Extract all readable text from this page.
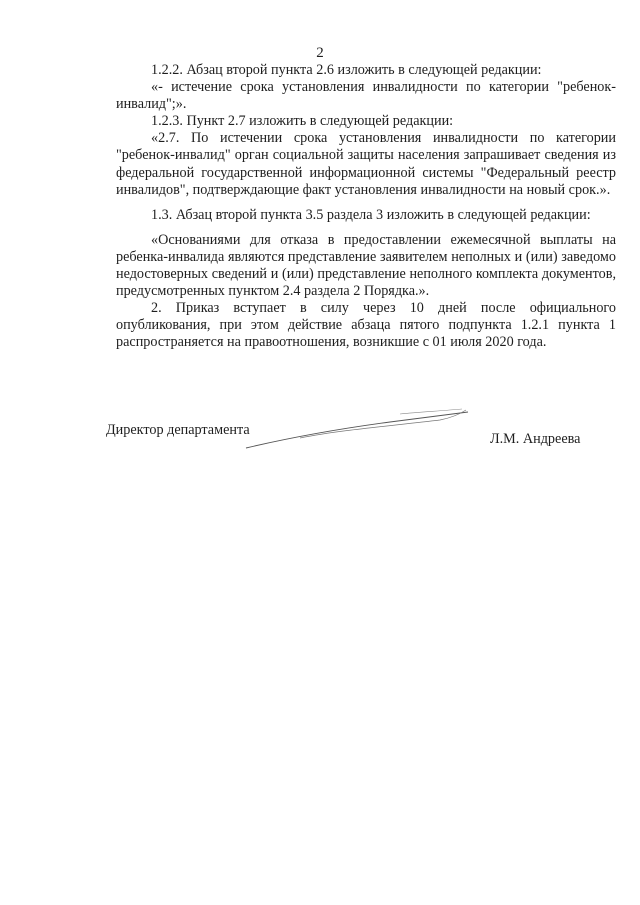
2

1.2.2. Абзац второй пункта 2.6 изложить в следующей редакции:

«- истечение срока установления инвалидности по категории "ребенок-инвалид";».

1.2.3. Пункт 2.7 изложить в следующей редакции:

«2.7. По истечении срока установления инвалидности по категории "ребенок-инвалид" орган социальной защиты населения запрашивает сведения из федеральной государственной информационной системы "Федеральный реестр инвалидов", подтверждающие факт установления инвалидности на новый срок.».

1.3. Абзац второй пункта 3.5 раздела 3 изложить в следующей редакции:

«Основаниями для отказа в предоставлении ежемесячной выплаты на ребенка-инвалида являются представление заявителем неполных и (или) заведомо недостоверных сведений и (или) представление неполного комплекта документов, предусмотренных пунктом 2.4 раздела 2 Порядка.».

2. Приказ вступает в силу через 10 дней после официального опубликования, при этом действие абзаца пятого подпункта 1.2.1 пункта 1 распространяется на правоотношения, возникшие с 01 июля 2020 года.

Директор департамента
Л.М. Андреева
